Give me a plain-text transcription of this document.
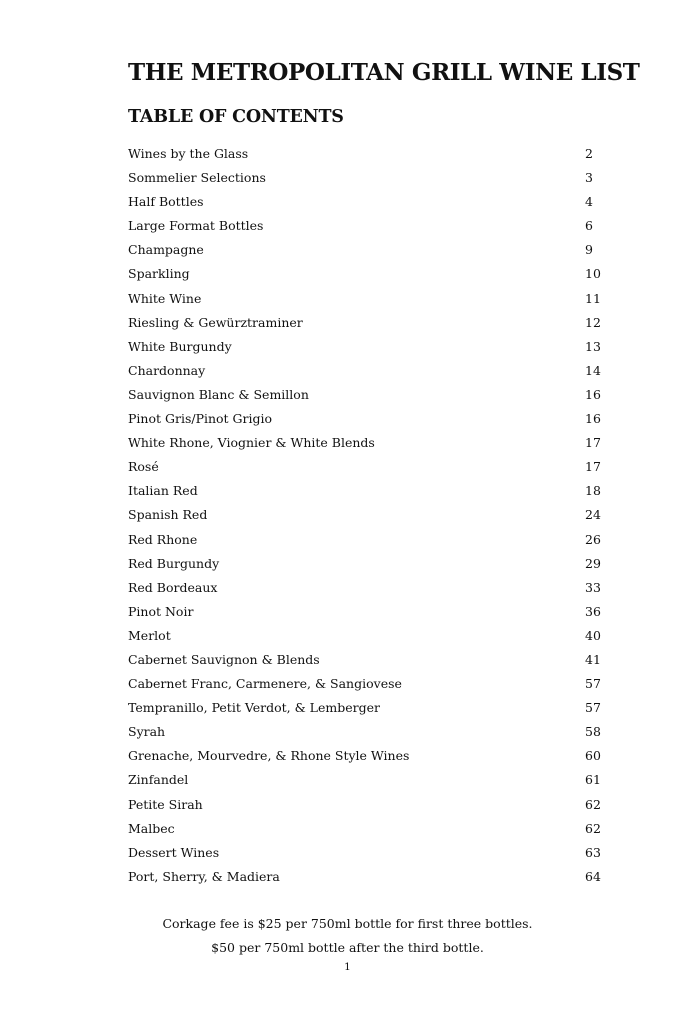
THE METROPOLITAN GRILL WINE LIST
TABLE OF CONTENTS
Wines by the Glass	2
Sommelier Selections	3
Half Bottles	4
Large Format Bottles	6
Champagne	9
Sparkling	10
White Wine	11
Riesling & Gewürztraminer	12
White Burgundy	13
Chardonnay	14
Sauvignon Blanc & Semillon	16
Pinot Gris/Pinot Grigio	16
White Rhone, Viognier & White Blends	17
Rosé	17
Italian Red	18
Spanish Red	24
Red Rhone	26
Red Burgundy	29
Red Bordeaux	33
Pinot Noir	36
Merlot	40
Cabernet Sauvignon & Blends	41
Cabernet Franc, Carmenere, & Sangiovese	57
Tempranillo, Petit Verdot, & Lemberger	57
Syrah	58
Grenache, Mourvedre, & Rhone Style Wines	60
Zinfandel	61
Petite Sirah	62
Malbec	62
Dessert Wines	63
Port, Sherry, & Madiera	64

Corkage fee is $25 per 750ml bottle for first three bottles.

$50 per 750ml bottle after the third bottle.

1
